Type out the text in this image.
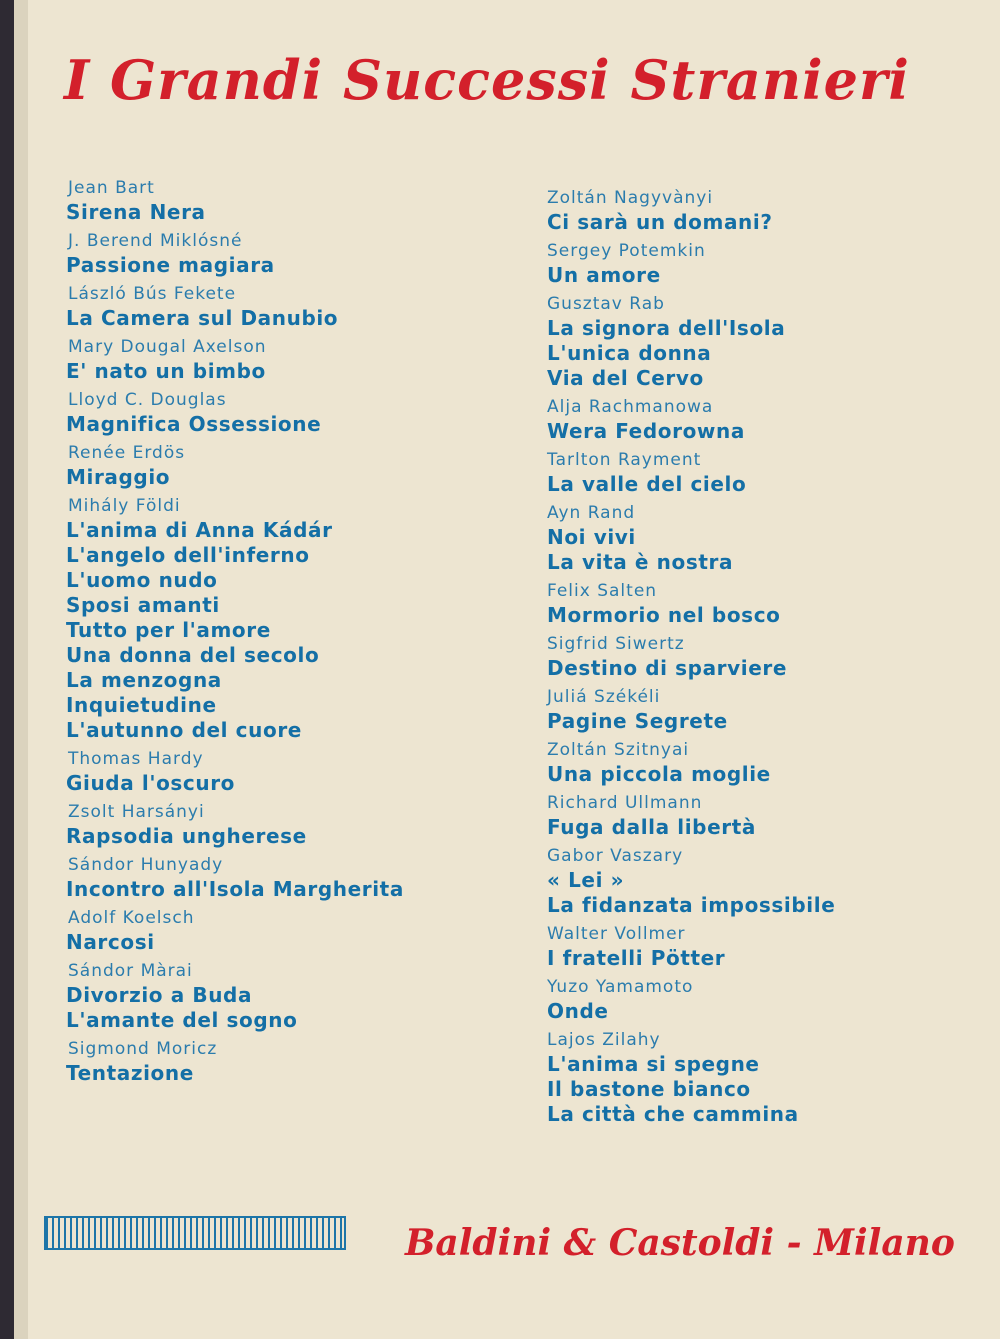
I Grandi Successi Stranieri
Jean Bart
Sirena Nera
J. Berend Miklósné
Passione magiara
László Bús Fekete
La Camera sul Danubio
Mary Dougal Axelson
E' nato un bimbo
Lloyd C. Douglas
Magnifica Ossessione
Renée Erdös
Miraggio
Mihály Földi
L'anima di Anna Kádár
L'angelo dell'inferno
L'uomo nudo
Sposi amanti
Tutto per l'amore
Una donna del secolo
La menzogna
Inquietudine
L'autunno del cuore
Thomas Hardy
Giuda l'oscuro
Zsolt Harsányi
Rapsodia ungherese
Sándor Hunyady
Incontro all'Isola Margherita
Adolf Koelsch
Narcosi
Sándor Màrai
Divorzio a Buda
L'amante del sogno
Sigmond Moricz
Tentazione
Zoltán Nagyvànyi
Ci sarà un domani?
Sergey Potemkin
Un amore
Gusztav Rab
La signora dell'Isola
L'unica donna
Via del Cervo
Alja Rachmanowa
Wera Fedorowna
Tarlton Rayment
La valle del cielo
Ayn Rand
Noi vivi
La vita è nostra
Felix Salten
Mormorio nel bosco
Sigfrid Siwertz
Destino di sparviere
Juliá Székéli
Pagine Segrete
Zoltán Szitnyai
Una piccola moglie
Richard Ullmann
Fuga dalla libertà
Gabor Vaszary
« Lei »
La fidanzata impossibile
Walter Vollmer
I fratelli Pötter
Yuzo Yamamoto
Onde
Lajos Zilahy
L'anima si spegne
Il bastone bianco
La città che cammina

Baldini & Castoldi - Milano
